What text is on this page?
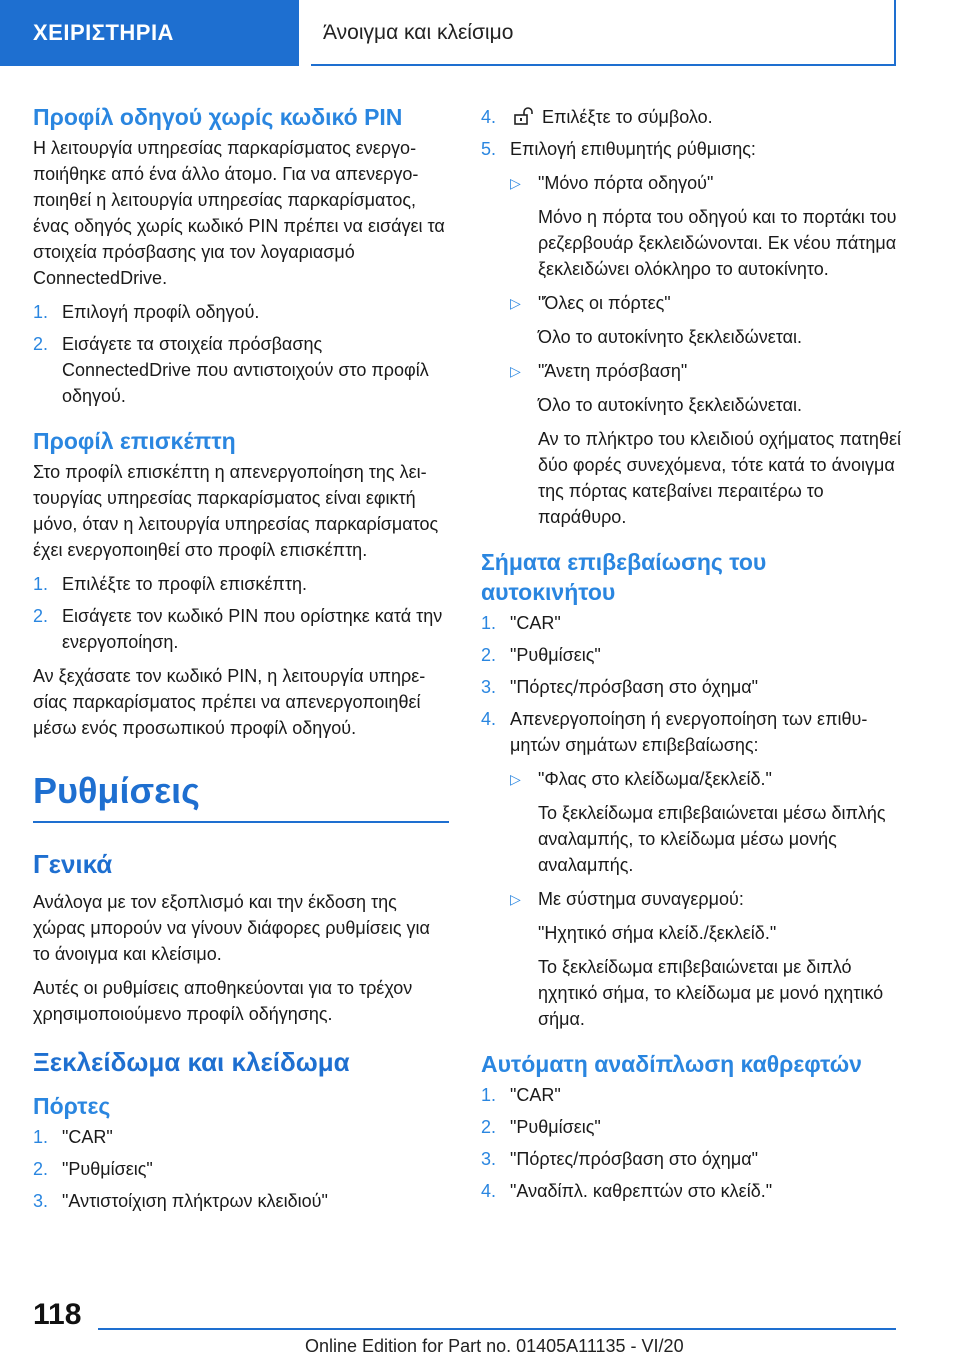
ΧΕΙΡΙΣΤΗΡΙΑ	Άνοιγμα και κλείσιμο
Προφίλ οδηγού χωρίς κωδικό PIN
Η λειτουργία υπηρεσίας παρκαρίσματος ενεργοποιήθηκε από ένα άλλο άτομο. Για να απενεργοποιηθεί η λειτουργία υπηρεσίας παρκαρίσματος, ένας οδηγός χωρίς κωδικό PIN πρέπει να εισάγει τα στοιχεία πρόσβασης για τον λογαριασμό ConnectedDrive.
1. Επιλογή προφίλ οδηγού.
2. Εισάγετε τα στοιχεία πρόσβασης ConnectedDrive που αντιστοιχούν στο προφίλ οδηγού.
Προφίλ επισκέπτη
Στο προφίλ επισκέπτη η απενεργοποίηση της λειτουργίας υπηρεσίας παρκαρίσματος είναι εφικτή μόνο, όταν η λειτουργία υπηρεσίας παρκαρίσματος έχει ενεργοποιηθεί στο προφίλ επισκέπτη.
1. Επιλέξτε το προφίλ επισκέπτη.
2. Εισάγετε τον κωδικό PIN που ορίστηκε κατά την ενεργοποίηση.
Αν ξεχάσατε τον κωδικό PIN, η λειτουργία υπηρεσίας παρκαρίσματος πρέπει να απενεργοποιηθεί μέσω ενός προσωπικού προφίλ οδηγού.
Ρυθμίσεις
Γενικά
Ανάλογα με τον εξοπλισμό και την έκδοση της χώρας μπορούν να γίνουν διάφορες ρυθμίσεις για το άνοιγμα και κλείσιμο.
Αυτές οι ρυθμίσεις αποθηκεύονται για το τρέχον χρησιμοποιούμενο προφίλ οδήγησης.
Ξεκλείδωμα και κλείδωμα
Πόρτες
1. "CAR"
2. "Ρυθμίσεις"
3. "Αντιστοίχιση πλήκτρων κλειδιού"
4.	Επιλέξτε το σύμβολο.
5. Επιλογή επιθυμητής ρύθμισης:
▷ "Μόνο πόρτα οδηγού"
Μόνο η πόρτα του οδηγού και το πορτάκι του ρεζερβουάρ ξεκλειδώνονται. Εκ νέου πάτημα ξεκλειδώνει ολόκληρο το αυτοκίνητο.
▷ "Όλες οι πόρτες"
Όλο το αυτοκίνητο ξεκλειδώνεται.
▷ "Άνετη πρόσβαση"
Όλο το αυτοκίνητο ξεκλειδώνεται.
Αν το πλήκτρο του κλειδιού οχήματος πατηθεί δύο φορές συνεχόμενα, τότε κατά το άνοιγμα της πόρτας κατεβαίνει περαιτέρω το παράθυρο.
Σήματα επιβεβαίωσης του αυτοκινήτου
1. "CAR"
2. "Ρυθμίσεις"
3. "Πόρτες/πρόσβαση στο όχημα"
4. Απενεργοποίηση ή ενεργοποίηση των επιθυμητών σημάτων επιβεβαίωσης:
▷ "Φλας στο κλείδωμα/ξεκλείδ."
Το ξεκλείδωμα επιβεβαιώνεται μέσω διπλής αναλαμπής, το κλείδωμα μέσω μονής αναλαμπής.
▷ Με σύστημα συναγερμού:
"Ηχητικό σήμα κλείδ./ξεκλείδ."
Το ξεκλείδωμα επιβεβαιώνεται με διπλό ηχητικό σήμα, το κλείδωμα με μονό ηχητικό σήμα.
Αυτόματη αναδίπλωση καθρεφτών
1. "CAR"
2. "Ρυθμίσεις"
3. "Πόρτες/πρόσβαση στο όχημα"
4. "Αναδίπλ. καθρεπτών στο κλείδ."
118
Online Edition for Part no. 01405A11135 - VI/20
